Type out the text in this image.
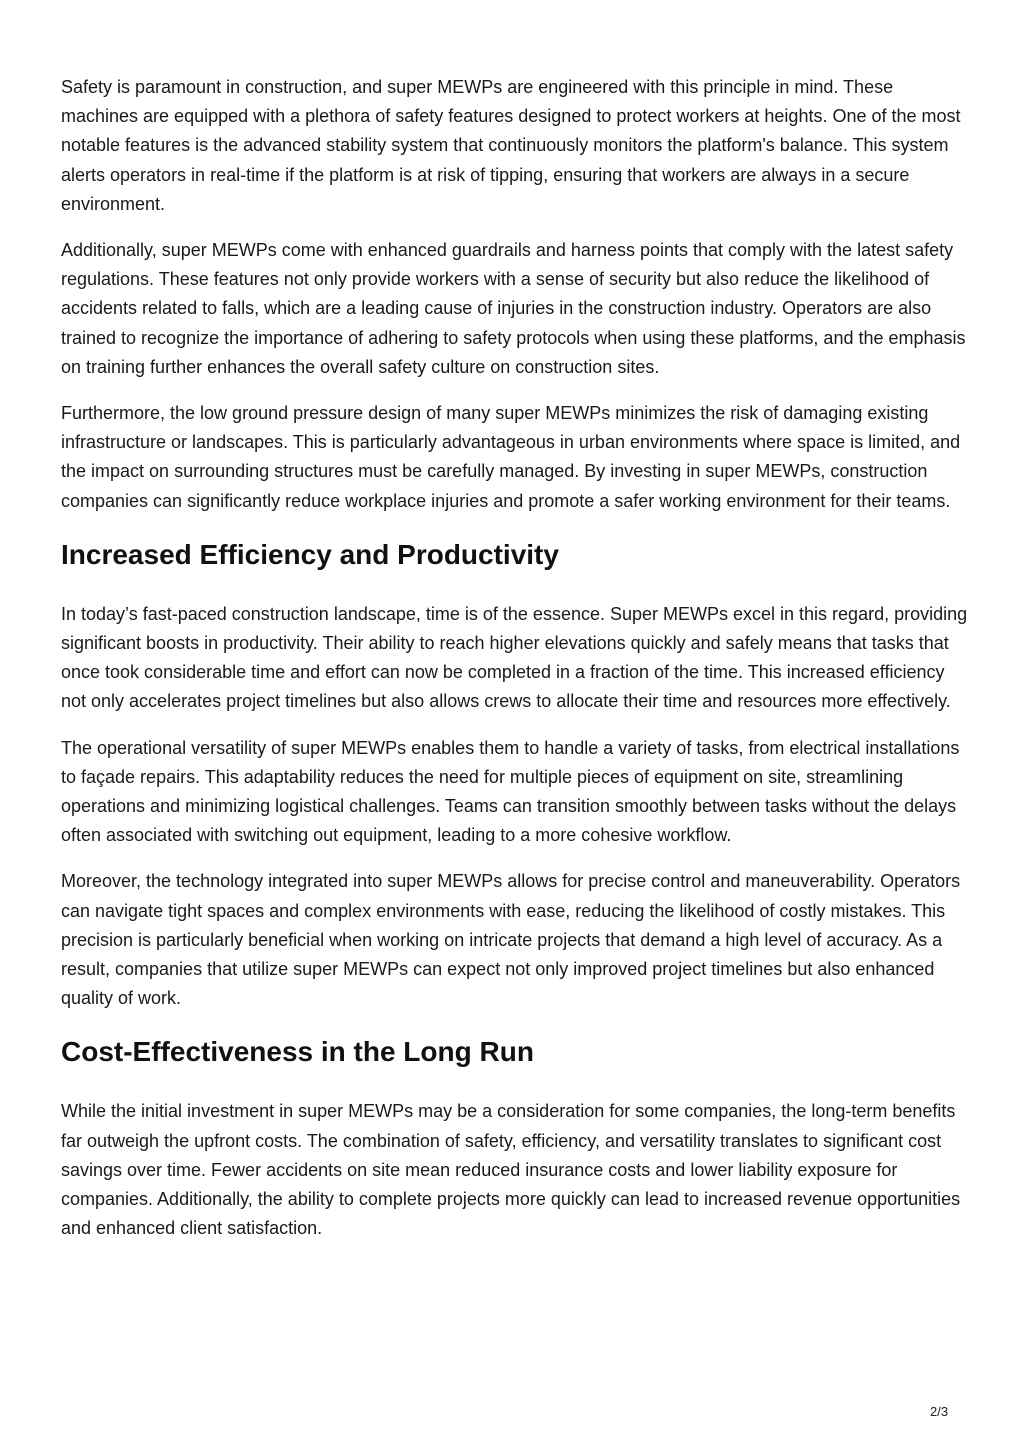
Safety is paramount in construction, and super MEWPs are engineered with this principle in mind. These machines are equipped with a plethora of safety features designed to protect workers at heights. One of the most notable features is the advanced stability system that continuously monitors the platform's balance. This system alerts operators in real-time if the platform is at risk of tipping, ensuring that workers are always in a secure environment.

Additionally, super MEWPs come with enhanced guardrails and harness points that comply with the latest safety regulations. These features not only provide workers with a sense of security but also reduce the likelihood of accidents related to falls, which are a leading cause of injuries in the construction industry. Operators are also trained to recognize the importance of adhering to safety protocols when using these platforms, and the emphasis on training further enhances the overall safety culture on construction sites.

Furthermore, the low ground pressure design of many super MEWPs minimizes the risk of damaging existing infrastructure or landscapes. This is particularly advantageous in urban environments where space is limited, and the impact on surrounding structures must be carefully managed. By investing in super MEWPs, construction companies can significantly reduce workplace injuries and promote a safer working environment for their teams.

Increased Efficiency and Productivity

In today’s fast-paced construction landscape, time is of the essence. Super MEWPs excel in this regard, providing significant boosts in productivity. Their ability to reach higher elevations quickly and safely means that tasks that once took considerable time and effort can now be completed in a fraction of the time. This increased efficiency not only accelerates project timelines but also allows crews to allocate their time and resources more effectively.

The operational versatility of super MEWPs enables them to handle a variety of tasks, from electrical installations to façade repairs. This adaptability reduces the need for multiple pieces of equipment on site, streamlining operations and minimizing logistical challenges. Teams can transition smoothly between tasks without the delays often associated with switching out equipment, leading to a more cohesive workflow.

Moreover, the technology integrated into super MEWPs allows for precise control and maneuverability. Operators can navigate tight spaces and complex environments with ease, reducing the likelihood of costly mistakes. This precision is particularly beneficial when working on intricate projects that demand a high level of accuracy. As a result, companies that utilize super MEWPs can expect not only improved project timelines but also enhanced quality of work.

Cost-Effectiveness in the Long Run

While the initial investment in super MEWPs may be a consideration for some companies, the long-term benefits far outweigh the upfront costs. The combination of safety, efficiency, and versatility translates to significant cost savings over time. Fewer accidents on site mean reduced insurance costs and lower liability exposure for companies. Additionally, the ability to complete projects more quickly can lead to increased revenue opportunities and enhanced client satisfaction.

2/3
